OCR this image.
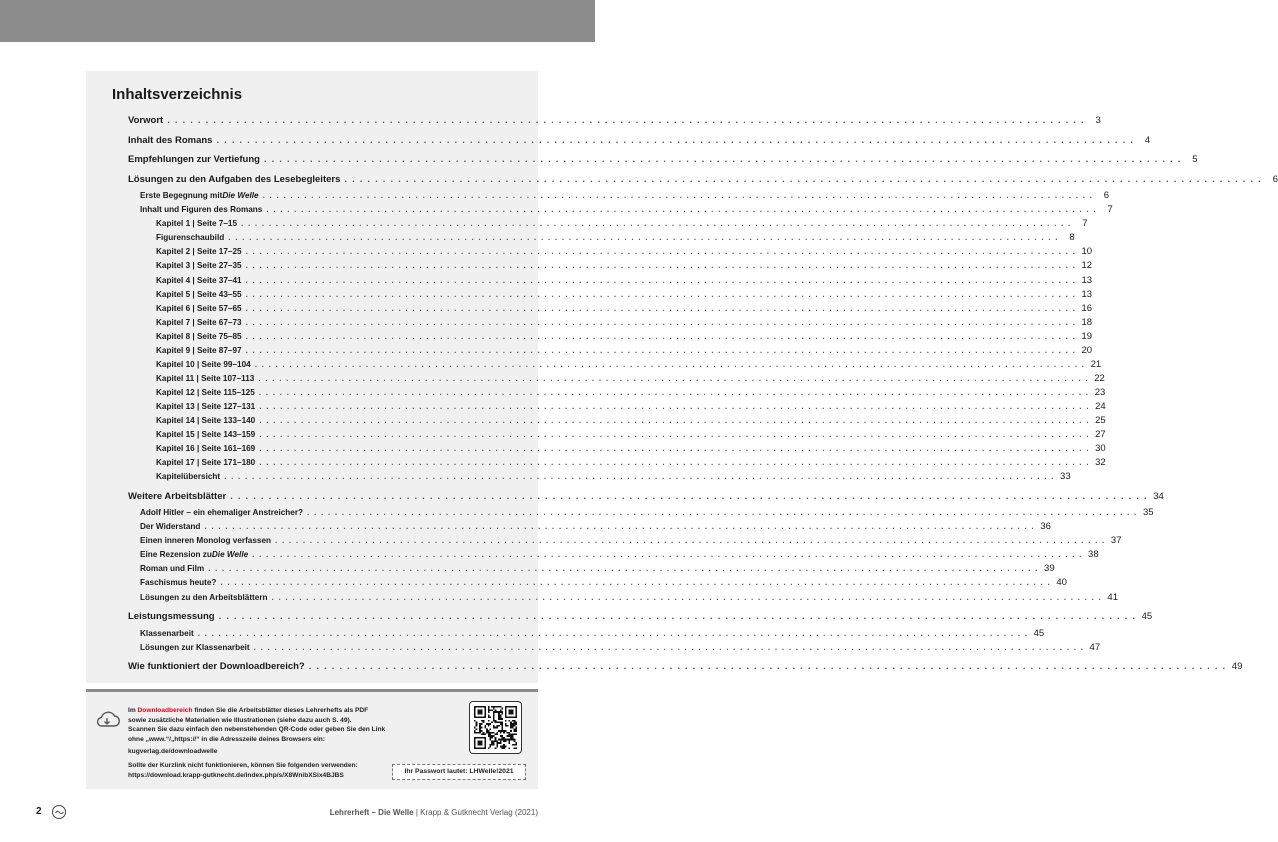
Inhaltsverzeichnis
Vorwort . . . . . . . . . . . . . . . . . . . . . . . . . . . . . . . . . . . . . . . . . . . . . . . . . . . . . . . . . . . . . . . . . . . . . . . . . . . . . . . . . . . . . . . . . . . . . . . . . . . . . . . . . . . . . . . . . . . . . . . .	3
Inhalt des Romans . . . . . . . . . . . . . . . . . . . . . . . . . . . . . . . . . . . . . . . . . . . . . . . . . . . . . . . . . . . . . . . . . . . . . . . . . . . . . . . . . . . . . . . . . . . . . . . . . . . . . . . . . . . . . . . . . . . . . . . .	4
Empfehlungen zur Vertiefung . . . . . . . . . . . . . . . . . . . . . . . . . . . . . . . . . . . . . . . . . . . . . . . . . . . . . . . . . . . . . . . . . . . . . . . . . . . . . . . . . . . . . . . . . . . . . . . . . . . . . . . . . . . . . . . . . . . . . . . .	5
Lösungen zu den Aufgaben des Lesebegleiters . . . . . . . . . . . . . . . . . . . . . . . . . . . . . . . . . . . . . . . . . . . . . . . . . . . . . . . . . . . . . . . . . . . . . . . . . . . . . . . . . . . . . . . . . . . . . . . . . . . . . . . . . . . . . . . . . . . . . . . .	6
Erste Begegnung mit Die Welle . . . . . . . . . . . . . . . . . . . . . . . . . . . . . . . . . . . . . . . . . . . . . . . . . . . . . . . . . . . . . . . . . . . . . . . . . . . . . . . . . . . . . . . . . . . . . . . . . . . . . . . . . . . . . . . . . . . . . . . .	6
Inhalt und Figuren des Romans . . . . . . . . . . . . . . . . . . . . . . . . . . . . . . . . . . . . . . . . . . . . . . . . . . . . . . . . . . . . . . . . . . . . . . . . . . . . . . . . . . . . . . . . . . . . . . . . . . . . . . . . . . . . . . . . . . . . . . . .	7
Kapitel 1 | Seite 7–15 . . . . . . . . . . . . . . . . . . . . . . . . . . . . . . . . . . . . . . . . . . . . . . . . . . . . . . . . . . . . . . . . . . . . . . . . . . . . . . . . . . . . . . . . . . . . . . . . . . . . . . . . . . . . . . . . . . . . . . . .	7
Figurenschaubild . . . . . . . . . . . . . . . . . . . . . . . . . . . . . . . . . . . . . . . . . . . . . . . . . . . . . . . . . . . . . . . . . . . . . . . . . . . . . . . . . . . . . . . . . . . . . . . . . . . . . . . . . . . . . . . . . . . . . . . .	8
Kapitel 2 | Seite 17–25 . . . . . . . . . . . . . . . . . . . . . . . . . . . . . . . . . . . . . . . . . . . . . . . . . . . . . . . . . . . . . . . . . . . . . . . . . . . . . . . . . . . . . . . . . . . . . . . . . . . . . . . . . . . . . . . . . . . . . . . . 10
Kapitel 3 | Seite 27–35 . . . . . . . . . . . . . . . . . . . . . . . . . . . . . . . . . . . . . . . . . . . . . . . . . . . . . . . . . . . . . . . . . . . . . . . . . . . . . . . . . . . . . . . . . . . . . . . . . . . . . . . . . . . . . . . . . . . . . . . . 12
Kapitel 4 | Seite 37–41 . . . . . . . . . . . . . . . . . . . . . . . . . . . . . . . . . . . . . . . . . . . . . . . . . . . . . . . . . . . . . . . . . . . . . . . . . . . . . . . . . . . . . . . . . . . . . . . . . . . . . . . . . . . . . . . . . . . . . . . . 13
Kapitel 5 | Seite 43–55 . . . . . . . . . . . . . . . . . . . . . . . . . . . . . . . . . . . . . . . . . . . . . . . . . . . . . . . . . . . . . . . . . . . . . . . . . . . . . . . . . . . . . . . . . . . . . . . . . . . . . . . . . . . . . . . . . . . . . . . . 13
Kapitel 6 | Seite 57–65 . . . . . . . . . . . . . . . . . . . . . . . . . . . . . . . . . . . . . . . . . . . . . . . . . . . . . . . . . . . . . . . . . . . . . . . . . . . . . . . . . . . . . . . . . . . . . . . . . . . . . . . . . . . . . . . . . . . . . . . . 16
Kapitel 7 | Seite 67–73 . . . . . . . . . . . . . . . . . . . . . . . . . . . . . . . . . . . . . . . . . . . . . . . . . . . . . . . . . . . . . . . . . . . . . . . . . . . . . . . . . . . . . . . . . . . . . . . . . . . . . . . . . . . . . . . . . . . . . . . . 18
Kapitel 8 | Seite 75–85 . . . . . . . . . . . . . . . . . . . . . . . . . . . . . . . . . . . . . . . . . . . . . . . . . . . . . . . . . . . . . . . . . . . . . . . . . . . . . . . . . . . . . . . . . . . . . . . . . . . . . . . . . . . . . . . . . . . . . . . . 19
Kapitel 9 | Seite 87–97 . . . . . . . . . . . . . . . . . . . . . . . . . . . . . . . . . . . . . . . . . . . . . . . . . . . . . . . . . . . . . . . . . . . . . . . . . . . . . . . . . . . . . . . . . . . . . . . . . . . . . . . . . . . . . . . . . . . . . . . . 20
Kapitel 10 | Seite 99–104 . . . . . . . . . . . . . . . . . . . . . . . . . . . . . . . . . . . . . . . . . . . . . . . . . . . . . . . . . . . . . . . . . . . . . . . . . . . . . . . . . . . . . . . . . . . . . . . . . . . . . . . . . . . . . . . . . . . . . . . . 21
Kapitel 11 | Seite 107–113 . . . . . . . . . . . . . . . . . . . . . . . . . . . . . . . . . . . . . . . . . . . . . . . . . . . . . . . . . . . . . . . . . . . . . . . . . . . . . . . . . . . . . . . . . . . . . . . . . . . . . . . . . . . . . . . . . . . . . . . . 22
Kapitel 12 | Seite 115–125 . . . . . . . . . . . . . . . . . . . . . . . . . . . . . . . . . . . . . . . . . . . . . . . . . . . . . . . . . . . . . . . . . . . . . . . . . . . . . . . . . . . . . . . . . . . . . . . . . . . . . . . . . . . . . . . . . . . . . . . . 23
Kapitel 13 | Seite 127–131 . . . . . . . . . . . . . . . . . . . . . . . . . . . . . . . . . . . . . . . . . . . . . . . . . . . . . . . . . . . . . . . . . . . . . . . . . . . . . . . . . . . . . . . . . . . . . . . . . . . . . . . . . . . . . . . . . . . . . . . . 24
Kapitel 14 | Seite 133–140 . . . . . . . . . . . . . . . . . . . . . . . . . . . . . . . . . . . . . . . . . . . . . . . . . . . . . . . . . . . . . . . . . . . . . . . . . . . . . . . . . . . . . . . . . . . . . . . . . . . . . . . . . . . . . . . . . . . . . . . . 25
Kapitel 15 | Seite 143–159 . . . . . . . . . . . . . . . . . . . . . . . . . . . . . . . . . . . . . . . . . . . . . . . . . . . . . . . . . . . . . . . . . . . . . . . . . . . . . . . . . . . . . . . . . . . . . . . . . . . . . . . . . . . . . . . . . . . . . . . . 27
Kapitel 16 | Seite 161–169 . . . . . . . . . . . . . . . . . . . . . . . . . . . . . . . . . . . . . . . . . . . . . . . . . . . . . . . . . . . . . . . . . . . . . . . . . . . . . . . . . . . . . . . . . . . . . . . . . . . . . . . . . . . . . . . . . . . . . . . . 30
Kapitel 17 | Seite 171–180 . . . . . . . . . . . . . . . . . . . . . . . . . . . . . . . . . . . . . . . . . . . . . . . . . . . . . . . . . . . . . . . . . . . . . . . . . . . . . . . . . . . . . . . . . . . . . . . . . . . . . . . . . . . . . . . . . . . . . . . . 32
Kapitelübersicht . . . . . . . . . . . . . . . . . . . . . . . . . . . . . . . . . . . . . . . . . . . . . . . . . . . . . . . . . . . . . . . . . . . . . . . . . . . . . . . . . . . . . . . . . . . . . . . . . . . . . . . . . . . . . . . . . . . . . . . . 33
Weitere Arbeitsblätter . . . . . . . . . . . . . . . . . . . . . . . . . . . . . . . . . . . . . . . . . . . . . . . . . . . . . . . . . . . . . . . . . . . . . . . . . . . . . . . . . . . . . . . . . . . . . . . . . . . . . . . . . . . . . . . . . . . . . . . . 34
Adolf Hitler – ein ehemaliger Anstreicher? . . . . . . . . . . . . . . . . . . . . . . . . . . . . . . . . . . . . . . . . . . . . . . . . . . . . . . . . . . . . . . . . . . . . . . . . . . . . . . . . . . . . . . . . . . . . . . . . . . . . . . . . . . . . . . . . . . . . . . . . 35
Der Widerstand . . . . . . . . . . . . . . . . . . . . . . . . . . . . . . . . . . . . . . . . . . . . . . . . . . . . . . . . . . . . . . . . . . . . . . . . . . . . . . . . . . . . . . . . . . . . . . . . . . . . . . . . . . . . . . . . . . . . . . . . 36
Einen inneren Monolog verfassen . . . . . . . . . . . . . . . . . . . . . . . . . . . . . . . . . . . . . . . . . . . . . . . . . . . . . . . . . . . . . . . . . . . . . . . . . . . . . . . . . . . . . . . . . . . . . . . . . . . . . . . . . . . . . . . . . . . . . . . . 37
Eine Rezension zu Die Welle . . . . . . . . . . . . . . . . . . . . . . . . . . . . . . . . . . . . . . . . . . . . . . . . . . . . . . . . . . . . . . . . . . . . . . . . . . . . . . . . . . . . . . . . . . . . . . . . . . . . . . . . . . . . . . . . . . . . . . . . 38
Roman und Film . . . . . . . . . . . . . . . . . . . . . . . . . . . . . . . . . . . . . . . . . . . . . . . . . . . . . . . . . . . . . . . . . . . . . . . . . . . . . . . . . . . . . . . . . . . . . . . . . . . . . . . . . . . . . . . . . . . . . . . . 39
Faschismus heute? . . . . . . . . . . . . . . . . . . . . . . . . . . . . . . . . . . . . . . . . . . . . . . . . . . . . . . . . . . . . . . . . . . . . . . . . . . . . . . . . . . . . . . . . . . . . . . . . . . . . . . . . . . . . . . . . . . . . . . . . 40
Lösungen zu den Arbeitsblättern . . . . . . . . . . . . . . . . . . . . . . . . . . . . . . . . . . . . . . . . . . . . . . . . . . . . . . . . . . . . . . . . . . . . . . . . . . . . . . . . . . . . . . . . . . . . . . . . . . . . . . . . . . . . . . . . . . . . . . . . 41
Leistungsmessung . . . . . . . . . . . . . . . . . . . . . . . . . . . . . . . . . . . . . . . . . . . . . . . . . . . . . . . . . . . . . . . . . . . . . . . . . . . . . . . . . . . . . . . . . . . . . . . . . . . . . . . . . . . . . . . . . . . . . . . . 45
Klassenarbeit . . . . . . . . . . . . . . . . . . . . . . . . . . . . . . . . . . . . . . . . . . . . . . . . . . . . . . . . . . . . . . . . . . . . . . . . . . . . . . . . . . . . . . . . . . . . . . . . . . . . . . . . . . . . . . . . . . . . . . . . 45
Lösungen zur Klassenarbeit . . . . . . . . . . . . . . . . . . . . . . . . . . . . . . . . . . . . . . . . . . . . . . . . . . . . . . . . . . . . . . . . . . . . . . . . . . . . . . . . . . . . . . . . . . . . . . . . . . . . . . . . . . . . . . . . . . . . . . . . 47
Wie funktioniert der Downloadbereich? . . . . . . . . . . . . . . . . . . . . . . . . . . . . . . . . . . . . . . . . . . . . . . . . . . . . . . . . . . . . . . . . . . . . . . . . . . . . . . . . . . . . . . . . . . . . . . . . . . . . . . . . . . . . . . . . . . . . . . . . 49
Im Downloadbereich finden Sie die Arbeitsblätter dieses Lehrerhefts als PDF
sowie zusätzliche Materialien wie Illustrationen (siehe dazu auch S. 49).
Scannen Sie dazu einfach den nebenstehenden QR-Code oder geben Sie den Link
ohne „www.“/„https://“ in die Adresszeile deines Browsers ein:
kugverlag.de/downloadwelle
Sollte der Kurzlink nicht funktionieren, können Sie folgenden verwenden:
https://download.krapp-gutknecht.de/index.php/s/X8WnibXSix4BJBS
Ihr Passwort lautet: LHWelle!2021
2	Lehrerheft – Die Welle | Krapp & Gutknecht Verlag (2021)
